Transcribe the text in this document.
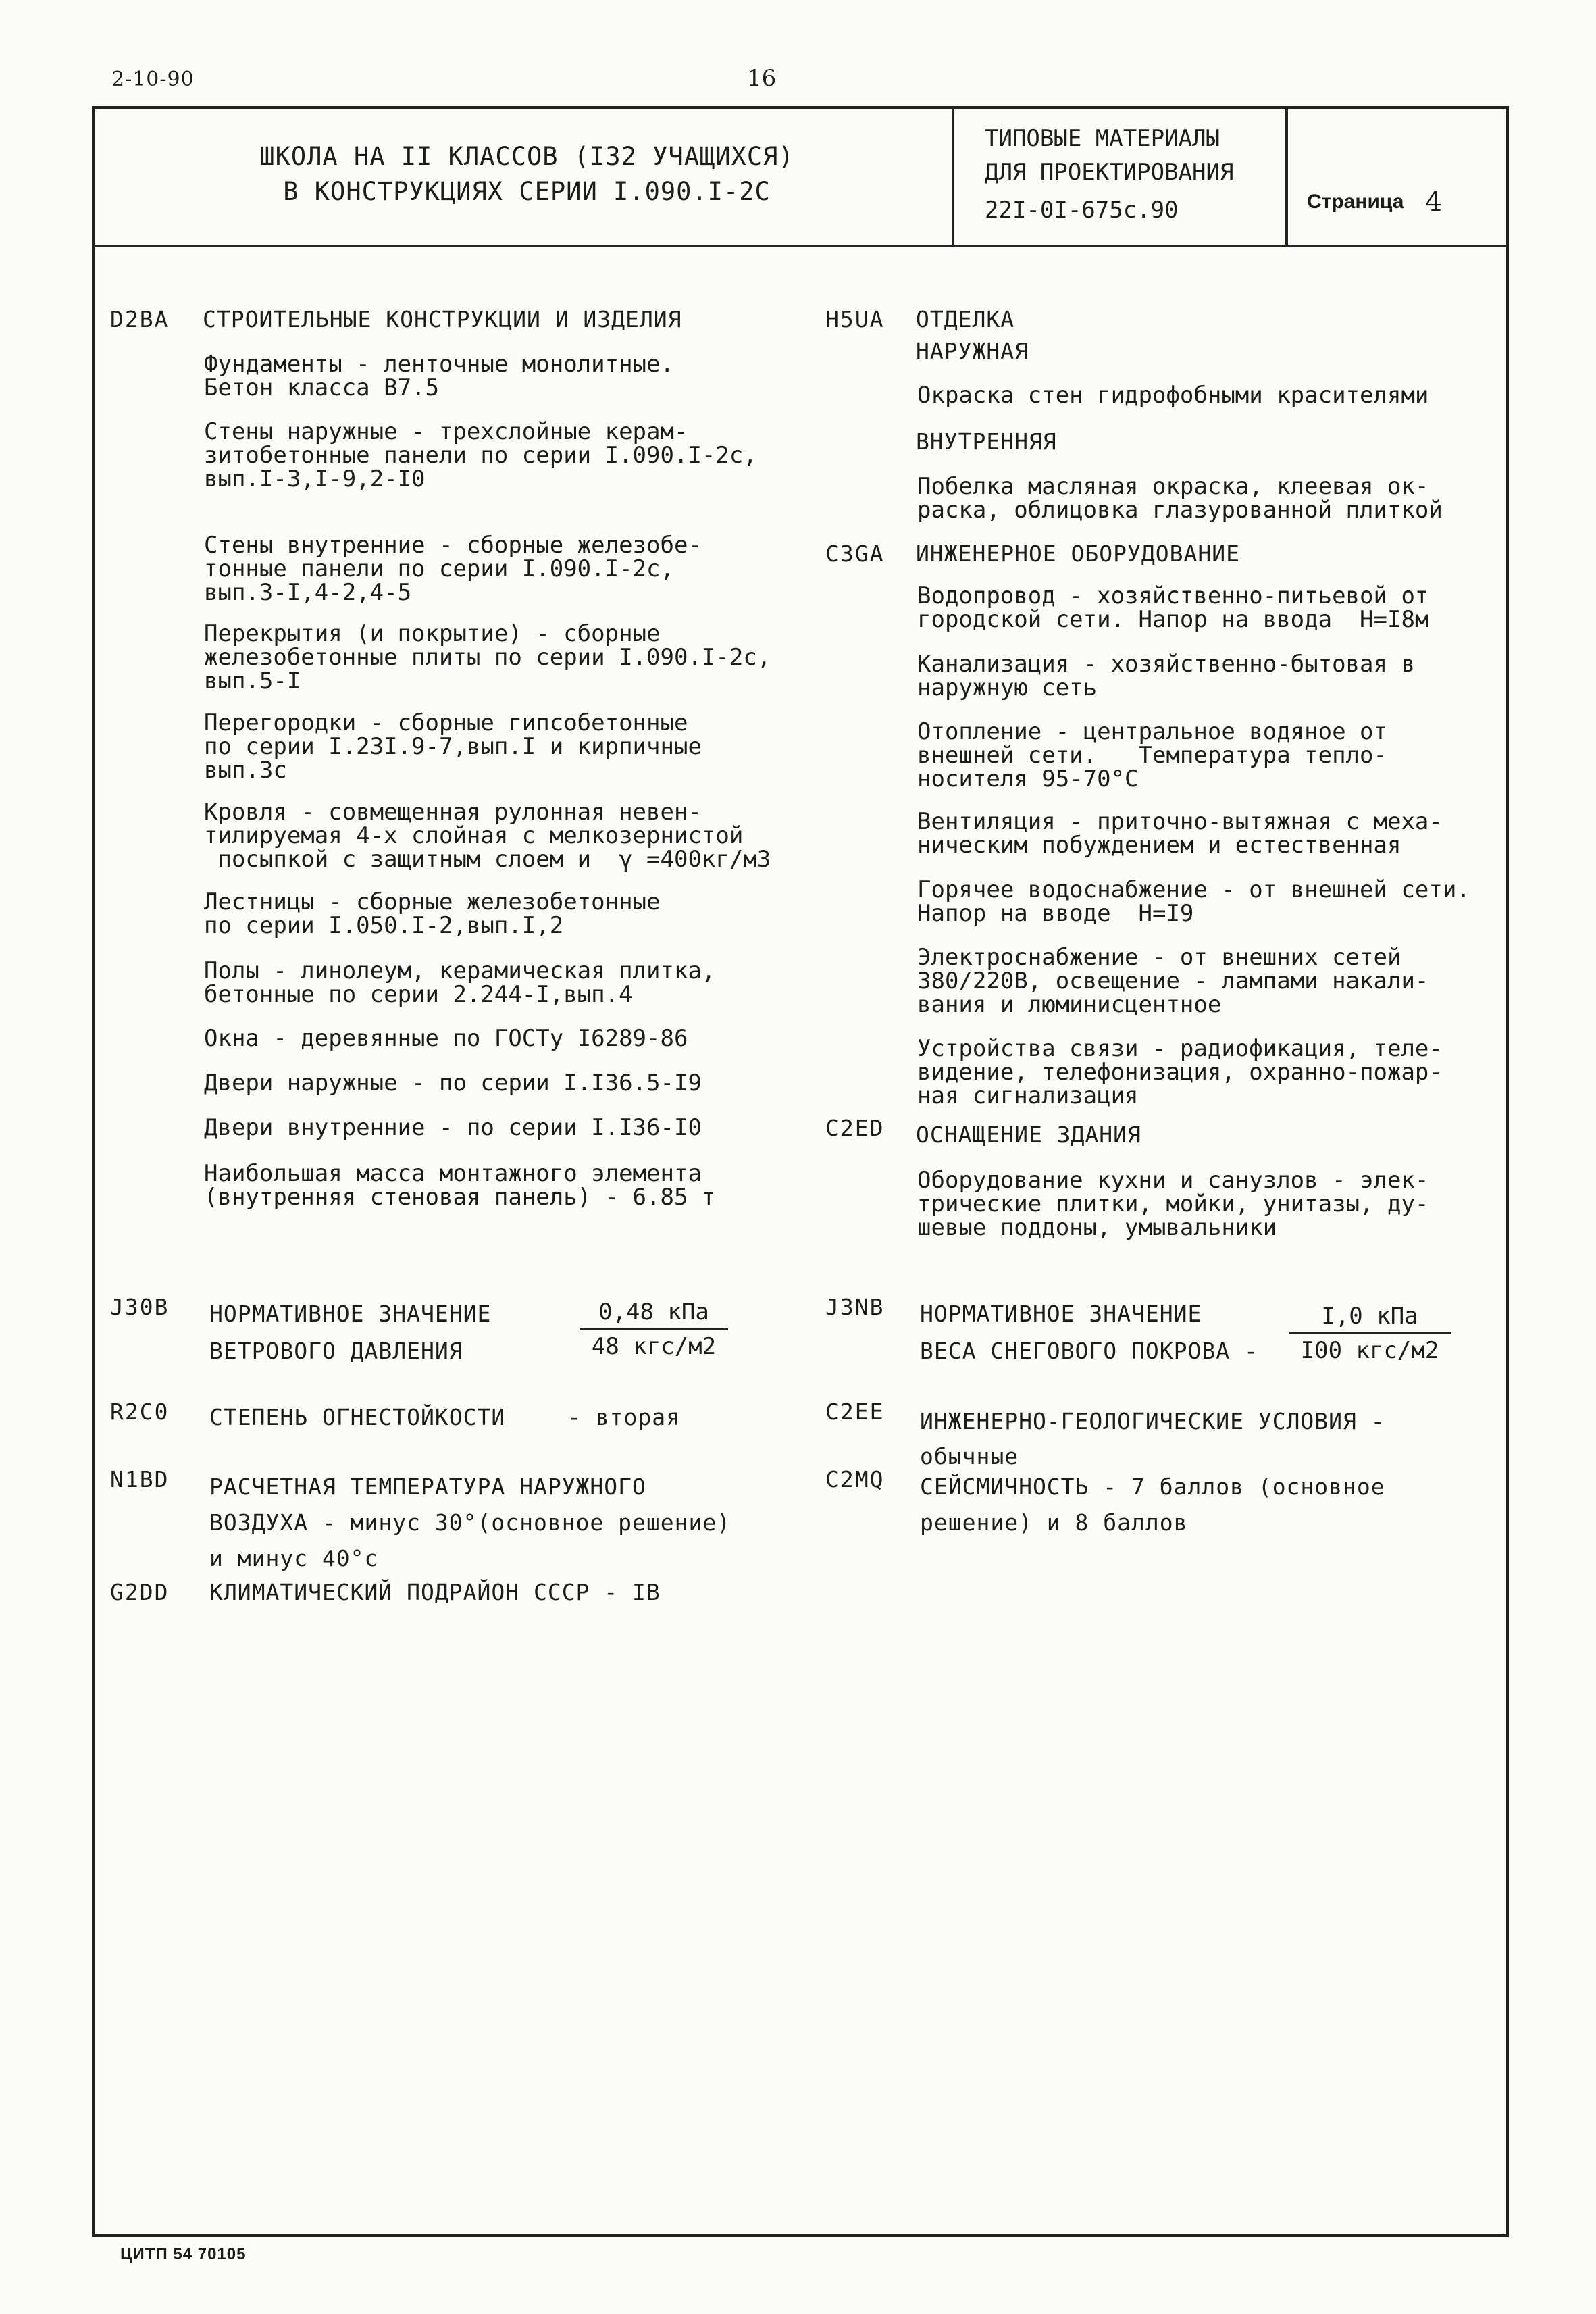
2-10-90	16
ШКОЛА НА II КЛАССОВ (I32 УЧАЩИХСЯ)
В КОНСТРУКЦИЯХ СЕРИИ I.090.I-2C
ТИПОВЫЕ МАТЕРИАЛЫ
ДЛЯ ПРОЕКТИРОВАНИЯ
22I-0I-675c.90	Страница 4
D2BA СТРОИТЕЛЬНЫЕ КОНСТРУКЦИИ И ИЗДЕЛИЯ
Фундаменты - ленточные монолитные.
Бетон класса В7.5
Стены наружные - трехслойные керам-
зитобетонные панели по серии I.090.I-2c,
вып.I-3,I-9,2-I0
Стены внутренние - сборные железобе-
тонные панели по серии I.090.I-2c,
вып.3-I,4-2,4-5
Перекрытия (и покрытие) - сборные
железобетонные плиты по серии I.090.I-2c,
вып.5-I
Перегородки - сборные гипсобетонные
по серии I.23I.9-7,вып.I и кирпичные
вып.3c
Кровля - совмещенная рулонная невен-
тилируемая 4-х слойная с мелкозернистой
посыпкой с защитным слоем и  γ =400кг/м3
Лестницы - сборные железобетонные
по серии I.050.I-2,вып.I,2
Полы - линолеум, керамическая плитка,
бетонные по серии 2.244-I,вып.4
Окна - деревянные по ГОСТу I6289-86
Двери наружные - по серии I.I36.5-I9
Двери внутренние - по серии I.I36-I0
Наибольшая масса монтажного элемента
(внутренняя стеновая панель) - 6.85 т
H5UA ОТДЕЛКА
НАРУЖНАЯ
Окраска стен гидрофобными красителями
ВНУТРЕННЯЯ
Побелка масляная окраска, клеевая ок-
раска, облицовка глазурованной плиткой
C3GA ИНЖЕНЕРНОЕ ОБОРУДОВАНИЕ
Водопровод - хозяйственно-питьевой от
городской сети. Напор на ввода  Н=I8м
Канализация - хозяйственно-бытовая в
наружную сеть
Отопление - центральное водяное от
внешней сети.   Температура тепло-
носителя 95-70°C
Вентиляция - приточно-вытяжная с меха-
ническим побуждением и естественная
Горячее водоснабжение - от внешней сети.
Напор на вводе  Н=I9
Электроснабжение - от внешних сетей
380/220В, освещение - лампами накали-
вания и люминисцентное
Устройства связи - радиофикация, теле-
видение, телефонизация, охранно-пожар-
ная сигнализация
C2ED ОСНАЩЕНИЕ ЗДАНИЯ
Оборудование кухни и санузлов - элек-
трические плитки, мойки, унитазы, ду-
шевые поддоны, умывальники
J30B НОРМАТИВНОЕ ЗНАЧЕНИЕ
ВЕТРОВОГО ДАВЛЕНИЯ
0,48 кПа
48 кгс/м2
J3NB НОРМАТИВНОЕ ЗНАЧЕНИЕ
ВЕСА СНЕГОВОГО ПОКРОВА -
I,0 кПа
I00 кгс/м2
R2C0 СТЕПЕНЬ ОГНЕСТОЙКОСТИ	- вторая	C2EE ИНЖЕНЕРНО-ГЕОЛОГИЧЕСКИЕ УСЛОВИЯ -
обычные
N1BD РАСЧЕТНАЯ ТЕМПЕРАТУРА НАРУЖНОГО
ВОЗДУХА - минус 30°(основное решение)
и минус 40°c
C2MQ СЕЙСМИЧНОСТЬ - 7 баллов (основное
решение) и 8 баллов
G2DD КЛИМАТИЧЕСКИЙ ПОДРАЙОН СССР - IB
ЦИТП 54 70105
